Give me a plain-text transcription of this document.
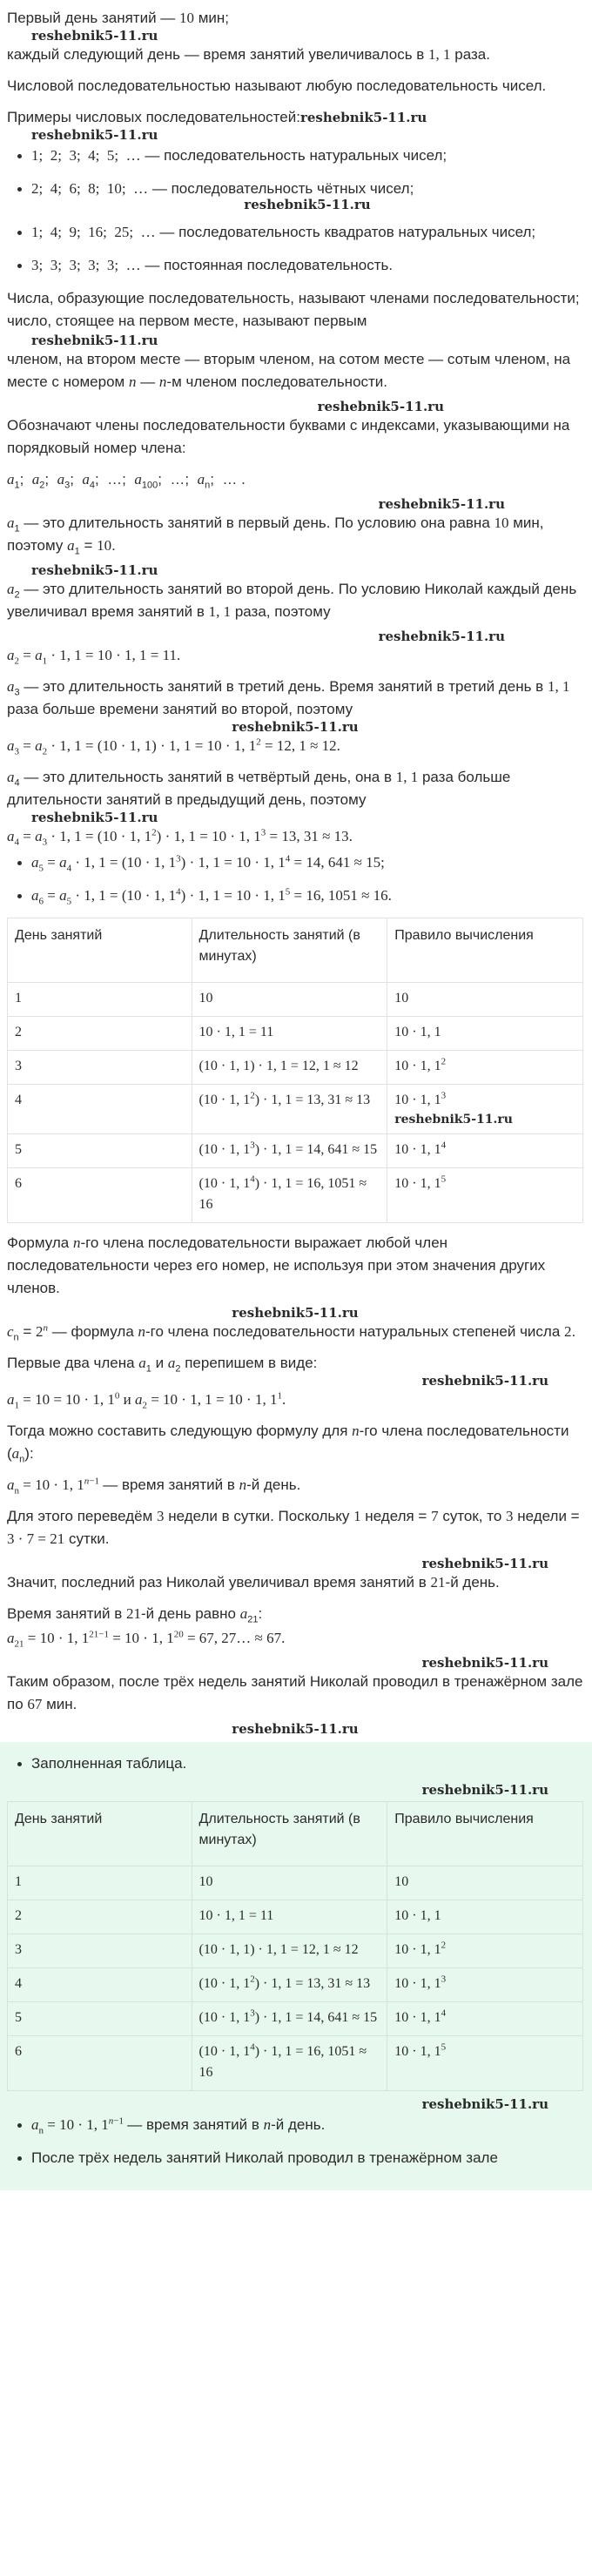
Первый день занятий — 10 мин;
reshebnik5-11.ru
каждый следующий день — время занятий увеличивалось в 1, 1 раза.
Числовой последовательностью называют любую последовательность чисел.
Примеры числовых последовательностей:reshebnik5-11.ru
reshebnik5-11.ru
1;  2;  3;  4;  5;  … — последовательность натуральных чисел;
2;  4;  6;  8;  10;  … — последовательность чётных чисел;
reshebnik5-11.ru
1;  4;  9;  16;  25;  … — последовательность квадратов натуральных чисел;
3;  3;  3;  3;  3;  … — постоянная последовательность.
Числа, образующие последовательность, называют членами последовательности; число, стоящее на первом месте, называют первым
reshebnik5-11.ru
членом, на втором месте — вторым членом, на сотом месте — сотым членом, на месте с номером n — n-м членом последовательности.
reshebnik5-11.ru
Обозначают члены последовательности буквами с индексами, указывающими на порядковый номер члена:
$a_1$;  $a_2$;  $a_3$;  $a_4$;  …;  $a_{100}$;  …;  $a_n$;  … .
reshebnik5-11.ru
$a_1$ — это длительность занятий в первый день. По условию она равна 10 мин, поэтому $a_1 = 10$.
reshebnik5-11.ru
$a_2$ — это длительность занятий во второй день. По условию Николай каждый день увеличивал время занятий в 1, 1 раза, поэтому
reshebnik5-11.ru
$a_2 = a_1 \cdot 1$, 1 = 10 · 1, 1 = 11.
$a_3$ — это длительность занятий в третий день. Время занятий в третий день в 1, 1 раза больше времени занятий во второй, поэтому
reshebnik5-11.ru
$a_3 = a_2 \cdot 1$, 1 = (10 · 1, 1) · 1, 1 = 10 · 1, $1^2 = 12$, 1 ≈ 12.
$a_4$ — это длительность занятий в четвёртый день, она в 1, 1 раза больше длительности занятий в предыдущий день, поэтому
reshebnik5-11.ru
$a_4 = a_3 \cdot 1$, 1 = (10 · 1, $1^2) \cdot 1$, 1 = 10 · 1, $1^3 = 13$, 31 ≈ 13.
$a_5 = a_4 \cdot 1$, 1 = (10 · 1, $1^3) \cdot 1$, 1 = 10 · 1, $1^4 = 14$, 641 ≈ 15;
$a_6 = a_5 \cdot 1$, 1 = (10 · 1, $1^4) \cdot 1$, 1 = 10 · 1, $1^5 = 16$, 1051 ≈ 16.
День занятий	Длительность занятий (в минутах)	Правило вычисления
1	10	10
2	10 · 1, 1 = 11	10 · 1, 1
3	(10 · 1, 1) · 1, 1 = 12, 1 ≈ 12	10 · 1, $1^2$
4	(10 · 1, $1^2) \cdot 1$, 1 = 13, 31 ≈ 13	10 · 1, $1^3$
reshebnik5-11.ru

5	(10 · 1, $1^3) \cdot 1$, 1 = 14, 641 ≈ 15	10 · 1, $1^4$
6	(10 · 1, $1^4) \cdot 1$, 1 = 16, 1051 ≈ 16	10 · 1, $1^5$
Формула n-го члена последовательности выражает любой член последовательности через его номер, не используя при этом значения других членов.
reshebnik5-11.ru
$c_n = 2^n$ — формула n-го члена последовательности натуральных степеней числа 2.
Первые два члена $a_1$ и $a_2$ перепишем в виде:
reshebnik5-11.ru
$a_1 = 10 = 10 \cdot 1$, $1^0$ и $a_2 = 10 \cdot 1$, 1 = 10 · 1, $1^1$.
Тогда можно составить следующую формулу для n-го члена последовательности $(a_n)$:
$a_n = 10 \cdot 1$, $1^{n-1}$ — время занятий в n-й день.
Для этого переведём 3 недели в сутки. Поскольку 1 неделя = 7 суток, то 3 недели = 3 · 7 = 21 сутки.
reshebnik5-11.ru
Значит, последний раз Николай увеличивал время занятий в 21-й день.
Время занятий в 21-й день равно $a_{21}$:
$a_{21} = 10 \cdot 1$, $1^{21-1} = 10 \cdot 1$, $1^{20} = 67$, 27… ≈ 67.
reshebnik5-11.ru
Таким образом, после трёх недель занятий Николай проводил в тренажёрном зале по 67 мин.
reshebnik5-11.ru
Заполненная таблица.
reshebnik5-11.ru
День занятий	Длительность занятий (в минутах)	Правило вычисления
1	10	10
2	10 · 1, 1 = 11	10 · 1, 1
3	(10 · 1, 1) · 1, 1 = 12, 1 ≈ 12	10 · 1, $1^2$
4	(10 · 1, $1^2) \cdot 1$, 1 = 13, 31 ≈ 13	10 · 1, $1^3$
5	(10 · 1, $1^3) \cdot 1$, 1 = 14, 641 ≈ 15	10 · 1, $1^4$
6	(10 · 1, $1^4) \cdot 1$, 1 = 16, 1051 ≈ 16	10 · 1, $1^5$
reshebnik5-11.ru
$a_n = 10 \cdot 1$, $1^{n-1}$ — время занятий в n-й день.
После трёх недель занятий Николай проводил в тренажёрном зале
